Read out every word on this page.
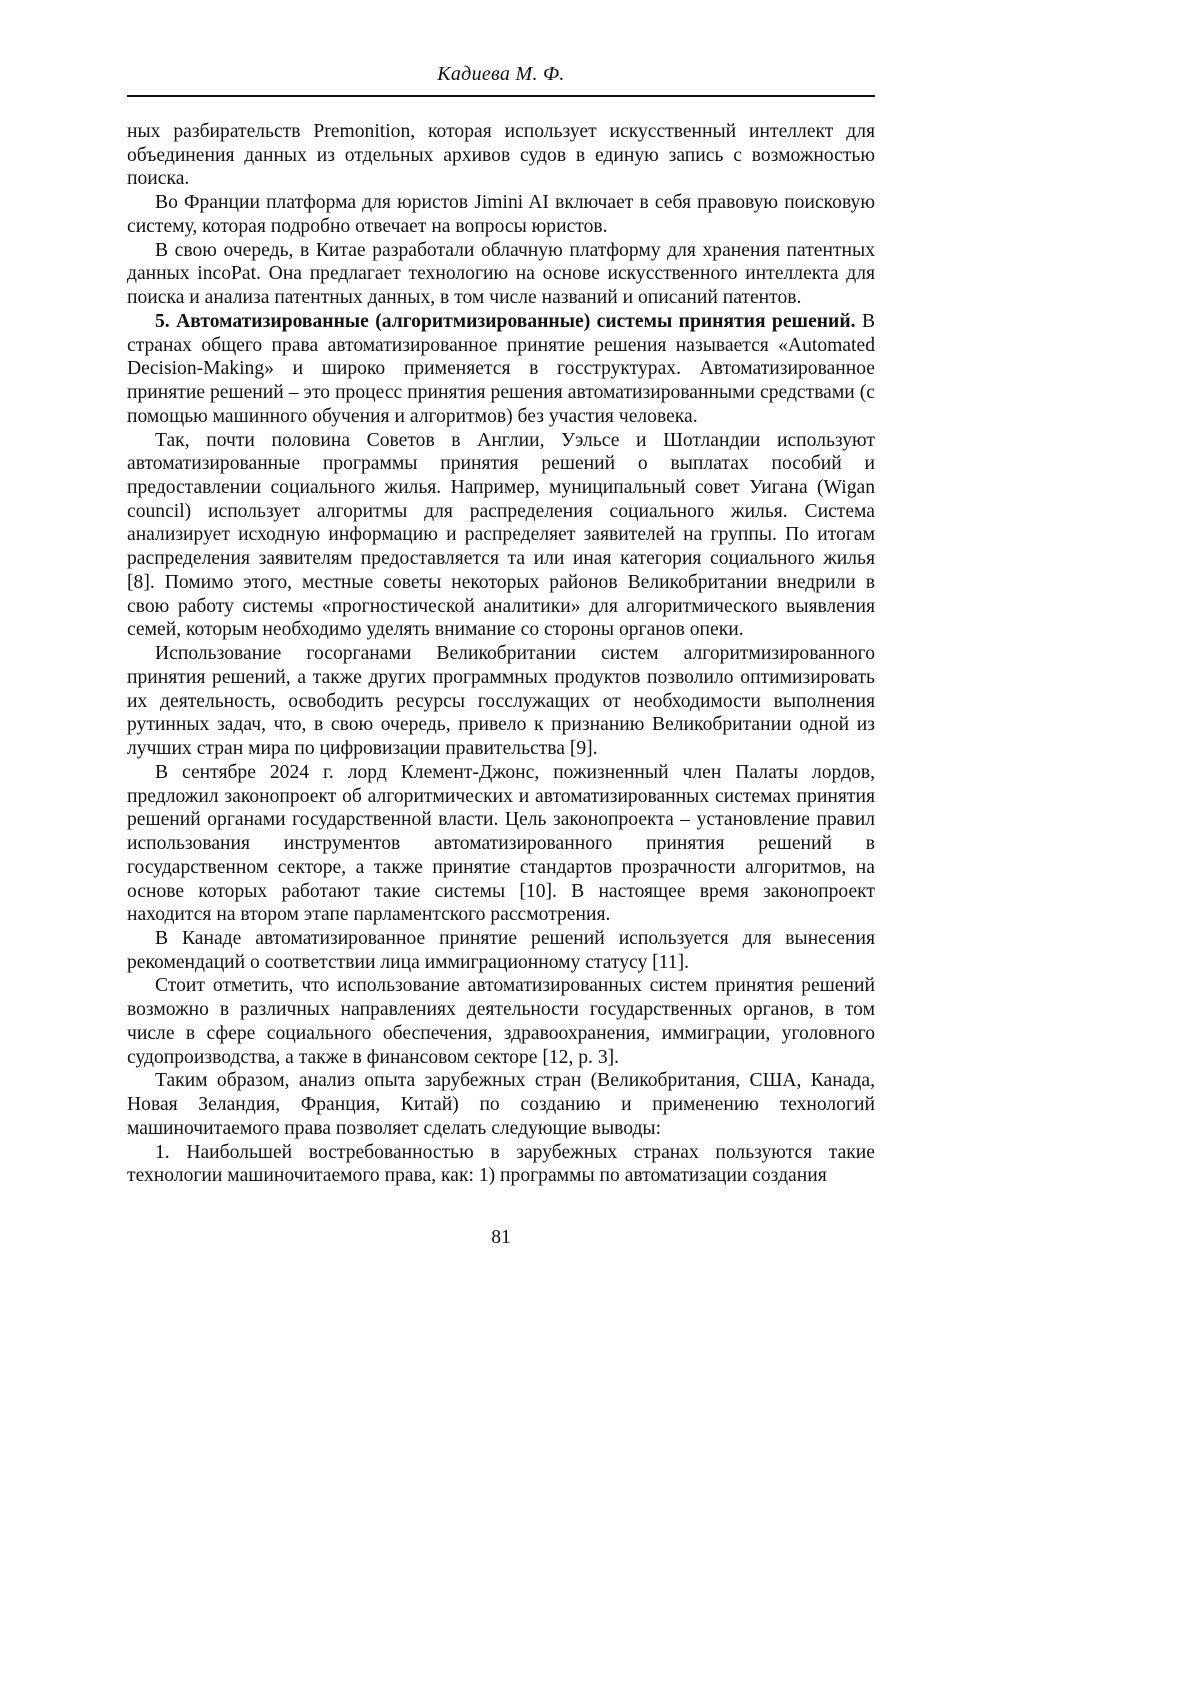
Кадиева М. Ф.

ных разбирательств Premonition, которая использует искусственный интеллект для объединения данных из отдельных архивов судов в единую запись с возможностью поиска.

Во Франции платформа для юристов Jimini AI включает в себя правовую поисковую систему, которая подробно отвечает на вопросы юристов.

В свою очередь, в Китае разработали облачную платформу для хранения патентных данных incoPat. Она предлагает технологию на основе искусственного интеллекта для поиска и анализа патентных данных, в том числе названий и описаний патентов.

5. Автоматизированные (алгоритмизированные) системы принятия решений. В странах общего права автоматизированное принятие решения называется «Automated Decision-Making» и широко применяется в госструктурах. Автоматизированное принятие решений – это процесс принятия решения автоматизированными средствами (с помощью машинного обучения и алгоритмов) без участия человека.

Так, почти половина Советов в Англии, Уэльсе и Шотландии используют автоматизированные программы принятия решений о выплатах пособий и предоставлении социального жилья. Например, муниципальный совет Уигана (Wigan council) использует алгоритмы для распределения социального жилья. Система анализирует исходную информацию и распределяет заявителей на группы. По итогам распределения заявителям предоставляется та или иная категория социального жилья [8]. Помимо этого, местные советы некоторых районов Великобритании внедрили в свою работу системы «прогностической аналитики» для алгоритмического выявления семей, которым необходимо уделять внимание со стороны органов опеки.

Использование госорганами Великобритании систем алгоритмизированного принятия решений, а также других программных продуктов позволило оптимизировать их деятельность, освободить ресурсы госслужащих от необходимости выполнения рутинных задач, что, в свою очередь, привело к признанию Великобритании одной из лучших стран мира по цифровизации правительства [9].

В сентябре 2024 г. лорд Клемент-Джонс, пожизненный член Палаты лордов, предложил законопроект об алгоритмических и автоматизированных системах принятия решений органами государственной власти. Цель законопроекта – установление правил использования инструментов автоматизированного принятия решений в государственном секторе, а также принятие стандартов прозрачности алгоритмов, на основе которых работают такие системы [10]. В настоящее время законопроект находится на втором этапе парламентского рассмотрения.

В Канаде автоматизированное принятие решений используется для вынесения рекомендаций о соответствии лица иммиграционному статусу [11].

Стоит отметить, что использование автоматизированных систем принятия решений возможно в различных направлениях деятельности государственных органов, в том числе в сфере социального обеспечения, здравоохранения, иммиграции, уголовного судопроизводства, а также в финансовом секторе [12, p. 3].

Таким образом, анализ опыта зарубежных стран (Великобритания, США, Канада, Новая Зеландия, Франция, Китай) по созданию и применению технологий машиночитаемого права позволяет сделать следующие выводы:

1. Наибольшей востребованностью в зарубежных странах пользуются такие технологии машиночитаемого права, как: 1) программы по автоматизации создания

81
